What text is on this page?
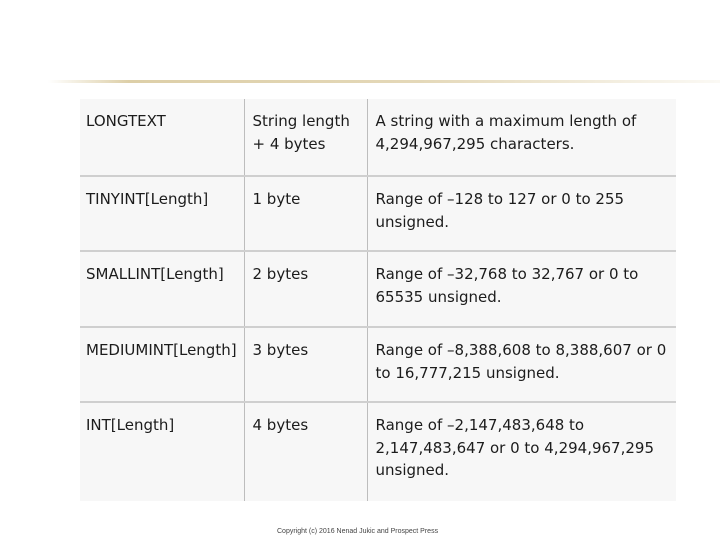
LONGTEXT	String length + 4 bytes	A string with a maximum length of 4,294,967,295 characters.
TINYINT[Length]	1 byte	Range of –128 to 127 or 0 to 255 unsigned.
SMALLINT[Length]	2 bytes	Range of –32,768 to 32,767 or 0 to 65535 unsigned.
MEDIUMINT[Length]	3 bytes	Range of –8,388,608 to 8,388,607 or 0 to 16,777,215 unsigned.
INT[Length]	4 bytes	Range of –2,147,483,648 to 2,147,483,647 or 0 to 4,294,967,295 unsigned.
Copyright (c) 2016 Nenad Jukic and Prospect Press
